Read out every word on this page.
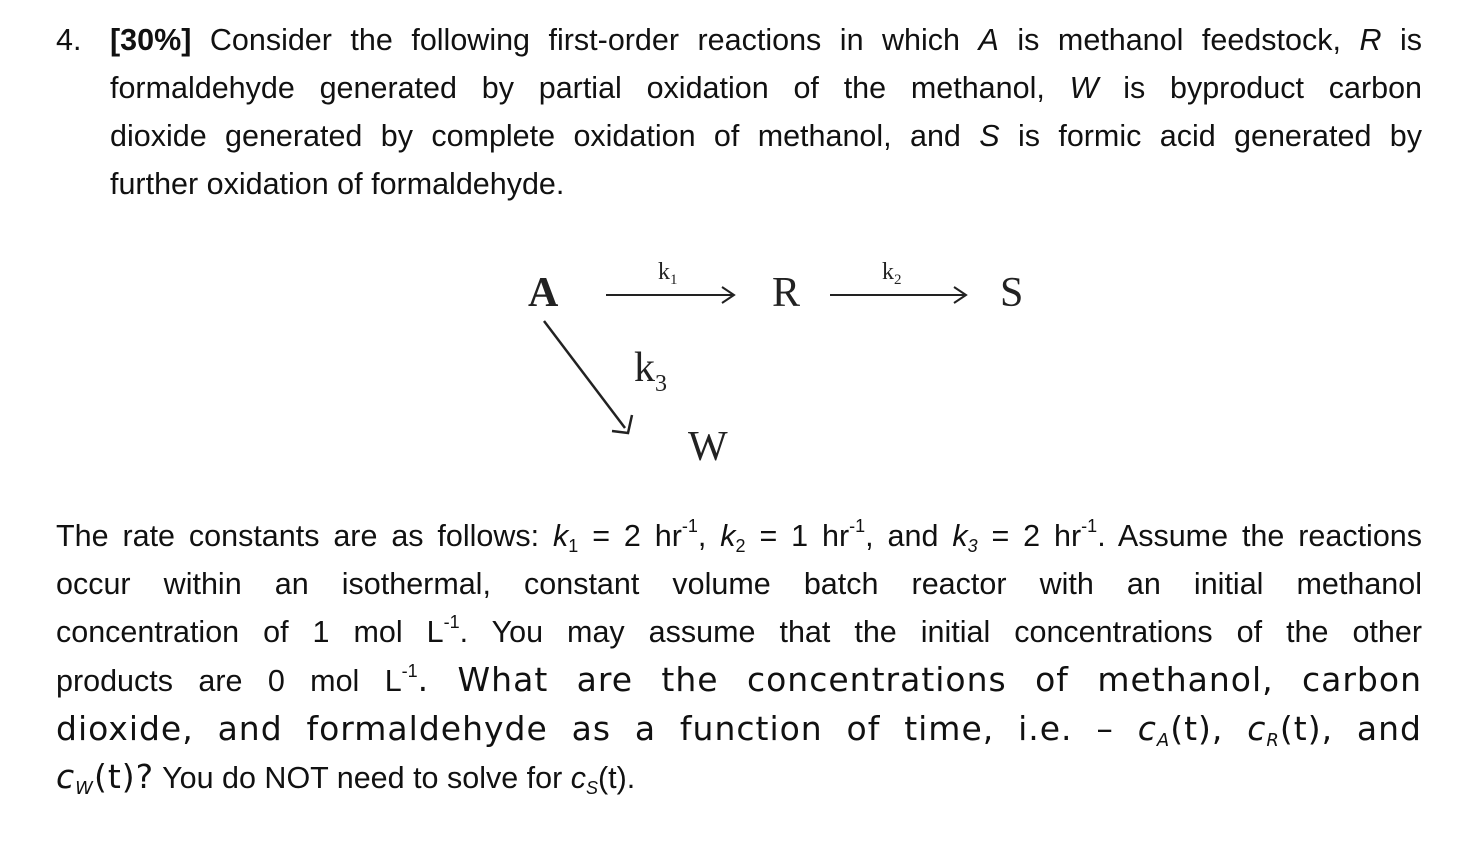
4. [30%] Consider the following first-order reactions in which A is methanol feedstock, R is
formaldehyde generated by partial oxidation of the methanol, W is byproduct carbon
dioxide generated by complete oxidation of methanol, and S is formic acid generated by
further oxidation of formaldehyde.
A	$k_1$ R	$k_2$ S
$k_3$
W
The rate constants are as follows: $k_1 = 2$ $hr^{-1}$, $k_2 = 1$ $hr^{-1}$, and $k_3 = 2$ $hr^{-1}$. Assume the reactions
occur within an isothermal, constant volume batch reactor with an initial methanol
concentration of 1 mol $L^{-1}$. You may assume that the initial concentrations of the other
products are 0 mol $L^{-1}$. What are the concentrations of methanol, carbon
dioxide, and formaldehyde as a function of time, i.e. – $c_A(t)$, $c_R(t)$, and
$c_W(t)$? You do NOT need to solve for $c_S(t)$.
